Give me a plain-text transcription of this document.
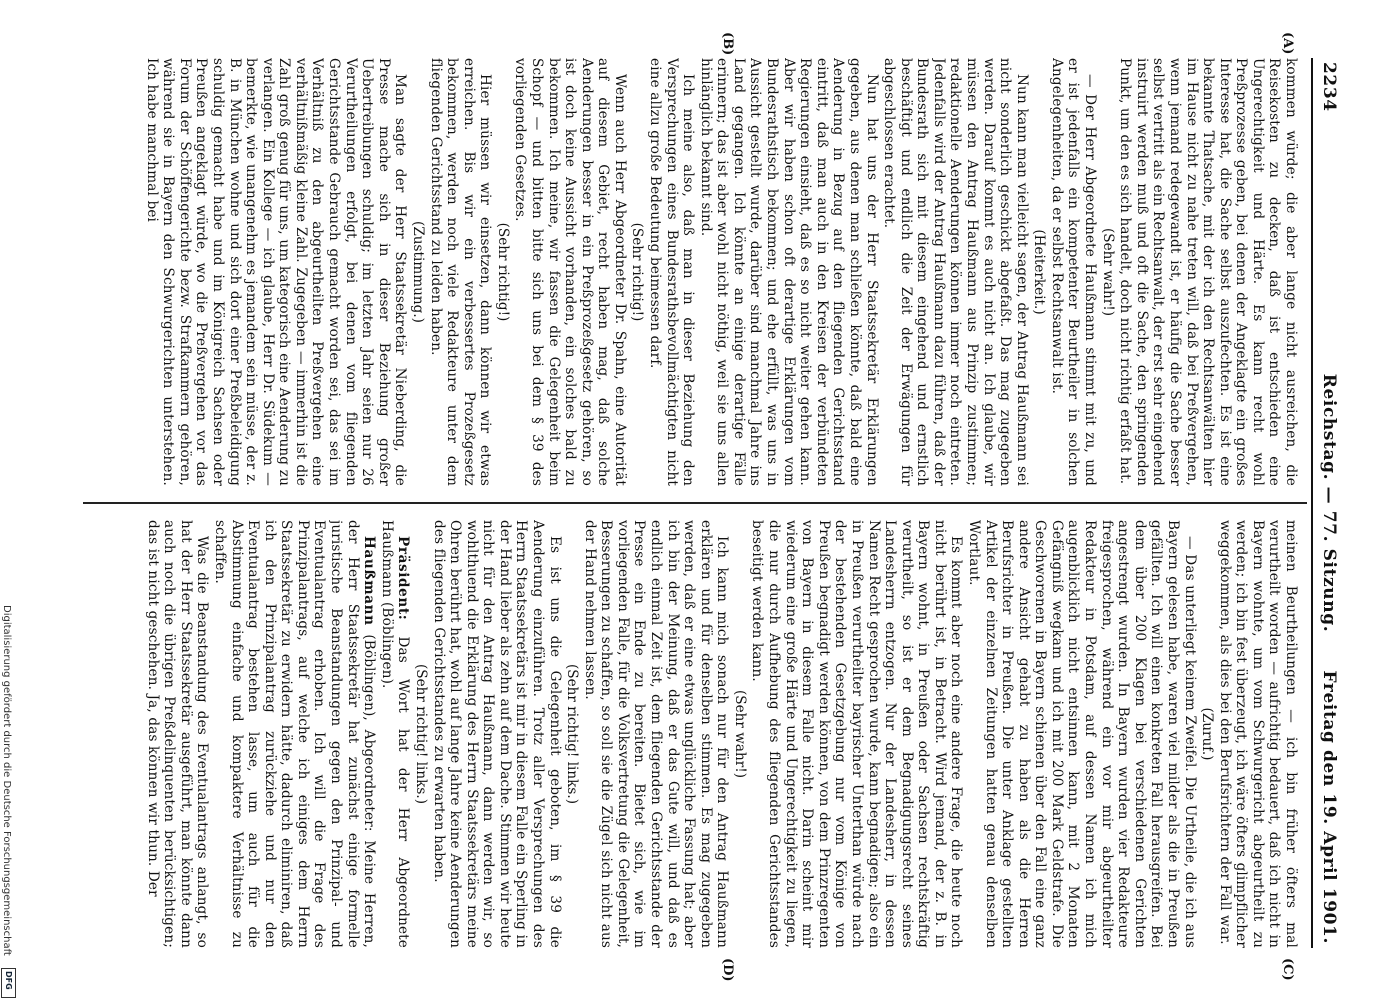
Digitalisierung gefördert durch die Deutsche Forschungsgemeinschaft
DFG
2234
Reichstag. — 77. Sitzung.
Freitag den 19. April 1901.
(A)
(B)
(C)
(D)

kommen würde; die aber lange nicht ausreichen, die Reisekosten zu decken, daß ist entschieden eine Ungerechtigkeit und Härte. Es kann recht wohl Preßprozesse geben, bei denen der Angeklagte ein großes Interesse hat, die Sache selbst auszufechten. Es ist eine bekannte Thatsache, mit der ich den Rechtsanwälten hier im Hause nicht zu nahe treten will, daß bei Preßvergehen, wenn jemand redegewandt ist, er häufig die Sache besser selbst vertritt als ein Rechtsanwalt, der erst sehr eingehend instruirt werden muß und oft die Sache, den springenden Punkt, um den es sich handelt, doch nicht richtig erfaßt hat.

(Sehr wahr!)

— Der Herr Abgeordnete Haußmann stimmt mit zu, und er ist jedenfalls ein kompetenter Beurtheiler in solchen Angelegenheiten, da er selbst Rechtsanwalt ist.

(Heiterkeit.)

Nun kann man vielleicht sagen, der Antrag Haußmann sei nicht sonderlich geschickt abgefaßt. Das mag zugegeben werden. Darauf kommt es auch nicht an. Ich glaube, wir müssen den Antrag Haußmann aus Prinzip zustimmen; redaktionelle Aenderungen können immer noch eintreten. Jedenfalls wird der Antrag Haußmann dazu führen, daß der Bundesrath sich mit diesem eingehend und ernstlich beschäftigt und endlich die Zeit der Erwägungen für abgeschlossen erachtet.

Nun hat uns der Herr Staatssekretär Erklärungen gegeben, aus denen man schließen könnte, daß bald eine Aenderung in Bezug auf den fliegenden Gerichtsstand eintritt, daß man auch in den Kreisen der verbündeten Regierungen einsieht, daß es so nicht weiter gehen kann. Aber wir haben schon oft derartige Erklärungen vom Bundesrathstisch bekommen; und ehe erfüllt, was uns in Aussicht gestellt wurde, darüber sind manchmal Jahre ins Land gegangen. Ich könnte an einige derartige Fälle erinnern; das ist aber wohl nicht nöthig, weil sie uns allen hinlänglich bekannt sind.

Ich meine also, daß man in dieser Beziehung den Versprechungen eines Bundesrathsbevollmächtigten nicht eine allzu große Bedeutung beimessen darf.

(Sehr richtig!)

Wenn auch Herr Abgeordneter Dr. Spahn, eine Autorität auf diesem Gebiet, recht haben mag, daß solche Aenderungen besser in ein Preßprozeßgesetz gehören, so ist doch keine Aussicht vorhanden, ein solches bald zu bekommen. Ich meine, wir fassen die Gelegenheit beim Schopf — und bitten bitte sich uns bei dem § 39 des vorliegenden Gesetzes.

(Sehr richtig!)

Hier müssen wir einsetzen, dann können wir etwas erreichen. Bis wir ein verbessertes Prozeßgesetz bekommen, werden noch viele Redakteure unter dem fliegenden Gerichtsstand zu leiden haben.

(Zustimmung.)

Man sagte der Herr Staatssekretär Nieberding, die Presse mache sich in dieser Beziehung großer Uebertreibungen schuldig; im letzten Jahr seien nur 26 Verurtheilungen erfolgt, bei denen vom fliegenden Gerichtsstande Gebrauch gemacht worden sei, das sei im Verhältniß zu den abgeurtheilten Preßvergehen eine verhältnißmäßig kleine Zahl. Zugegeben — immerhin ist die Zahl groß genug für uns, um kategorisch eine Aenderung zu verlangen. Ein Kollege — ich glaube, Herr Dr. Südekum — bemerkte, wie unangenehm es jemandem sein müsse, der z. B. in München wohne und sich dort einer Preßbeleidigung schuldig gemacht habe und im Königreich Sachsen oder Preußen angeklagt würde, wo die Preßvergehen vor das Forum der Schöffengerichte bezw. Strafkammern gehören, während sie in Bayern den Schwurgerichten unterstehen. Ich habe manchmal bei

meinen Beurtheilungen — ich bin früher öfters mal verurtheilt worden — aufrichtig bedauert, daß ich nicht in Bayern wohnte, um vom Schwurgericht abgeurtheilt zu werden; ich bin fest überzeugt, ich wäre öfters glimpflicher weggekommen, als dies bei den Berufsrichtern der Fall war.

(Zuruf.)

— Das unterliegt keinem Zweifel. Die Urtheile, die ich aus Bayern gelesen habe, waren viel milder als die in Preußen gefällten. Ich will einen konkreten Fall herausgreifen. Bei dem über 200 Klagen bei verschiedenen Gerichten angestrengt wurden. In Bayern wurden vier Redakteure freigesprochen, während ein vor mir abgeurtheilter Redakteur in Potsdam, auf dessen Namen ich mich augenblicklich nicht entsinnen kann, mit 2 Monaten Gefängniß wegkam und ich mit 200 Mark Geldstrafe. Die Geschworenen in Bayern schienen über den Fall eine ganz andere Ansicht gehabt zu haben als die Herren Berufsrichter in Preußen. Die unter Anklage gestellten Artikel der einzelnen Zeitungen hatten genau denselben Wortlaut.

Es kommt aber noch eine andere Frage, die heute noch nicht berührt ist, in Betracht. Wird jemand, der z. B. in Bayern wohnt, in Preußen oder Sachsen rechtskräftig verurtheilt, so ist er dem Begnadigungsrecht seines Landesherrn entzogen. Nur der Landesherr, in dessen Namen Recht gesprochen wurde, kann begnadigen; also ein in Preußen verurtheilter bayrischer Unterthan würde nach der bestehenden Gesetzgebung nur vom Könige von Preußen begnadigt werden können, von dem Prinzregenten von Bayern in diesem Falle nicht. Darin scheint mir wiederum eine große Härte und Ungerechtigkeit zu liegen, die nur durch Aufhebung des fliegenden Gerichtsstandes beseitigt werden kann.

(Sehr wahr!)

Ich kann mich sonach nur für den Antrag Haußmann erklären und für denselben stimmen. Es mag zugegeben werden, daß er eine etwas unglückliche Fassung hat; aber ich bin der Meinung, daß er das Gute will, und daß es endlich einmal Zeit ist, dem fliegenden Gerichtsstande der Presse ein Ende zu bereiten. Bietet sich, wie im vorliegenden Falle, für die Volksvertretung die Gelegenheit, Besserungen zu schaffen, so soll sie die Zügel sich nicht aus der Hand nehmen lassen.

(Sehr richtig! links.)

Es ist uns die Gelegenheit geboten, im § 39 die Aenderung einzuführen. Trotz aller Versprechungen des Herrn Staatssekretärs ist mir in diesem Falle ein Sperling in der Hand lieber als zehn auf dem Dache. Stimmen wir heute nicht für den Antrag Haußmann, dann werden wir, so wohlthuend die Erklärung des Herrn Staatssekretärs meine Ohren berührt hat, wohl auf lange Jahre keine Aenderungen des fliegenden Gerichtsstandes zu erwarten haben.

(Sehr richtig! links.)

Präsident: Das Wort hat der Herr Abgeordnete Haußmann (Böblingen).

Haußmann (Böblingen), Abgeordneter: Meine Herren, der Herr Staatssekretär hat zunächst einige formelle juristische Beanstandungen gegen den Prinzipal- und Eventualantrag erhoben. Ich will die Frage des Prinzipalantrags, auf welche ich einiges dem Herrn Staatssekretär zu erwidern hätte, dadurch eliminiren, daß ich den Prinzipalantrag zurückziehe und nur den Eventualantrag bestehen lasse, um auch für die Abstimmung einfache und kompaktere Verhältnisse zu schaffen.

Was die Beanstandung des Eventualantrags anlangt, so hat der Herr Staatssekretär ausgeführt, man könnte dann auch noch die übrigen Preßdelinquenten berücksichtigen; das ist nicht geschehen. Ja, das können wir thun. Der
